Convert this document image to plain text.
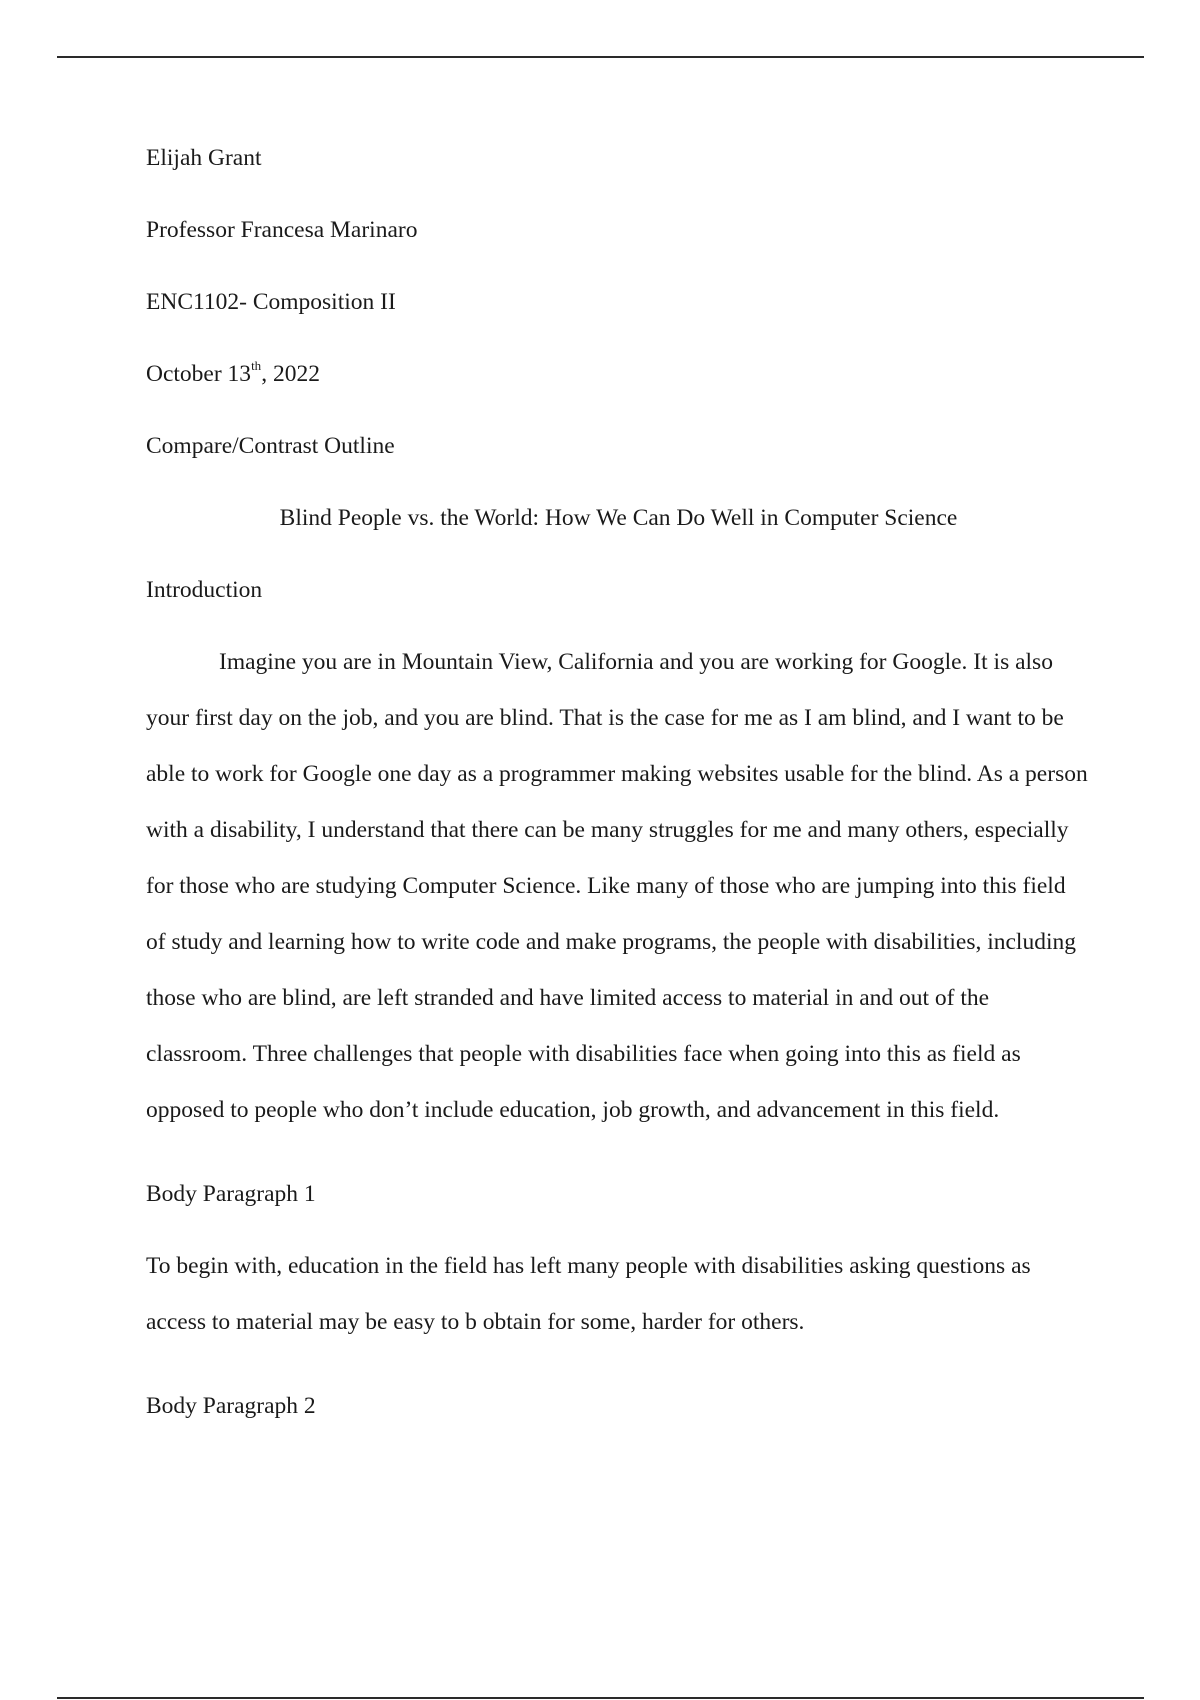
Elijah Grant
Professor Francesa Marinaro
ENC1102- Composition II
October 13th, 2022
Compare/Contrast Outline
Blind People vs. the World: How We Can Do Well in Computer Science
Introduction

Imagine you are in Mountain View, California and you are working for Google. It is also your first day on the job, and you are blind. That is the case for me as I am blind, and I want to be able to work for Google one day as a programmer making websites usable for the blind. As a person with a disability, I understand that there can be many struggles for me and many others, especially for those who are studying Computer Science. Like many of those who are jumping into this field of study and learning how to write code and make programs, the people with disabilities, including those who are blind, are left stranded and have limited access to material in and out of the classroom. Three challenges that people with disabilities face when going into this as field as opposed to people who don’t include education, job growth, and advancement in this field.

Body Paragraph 1

To begin with, education in the field has left many people with disabilities asking questions as access to material may be easy to b obtain for some, harder for others.

Body Paragraph 2
